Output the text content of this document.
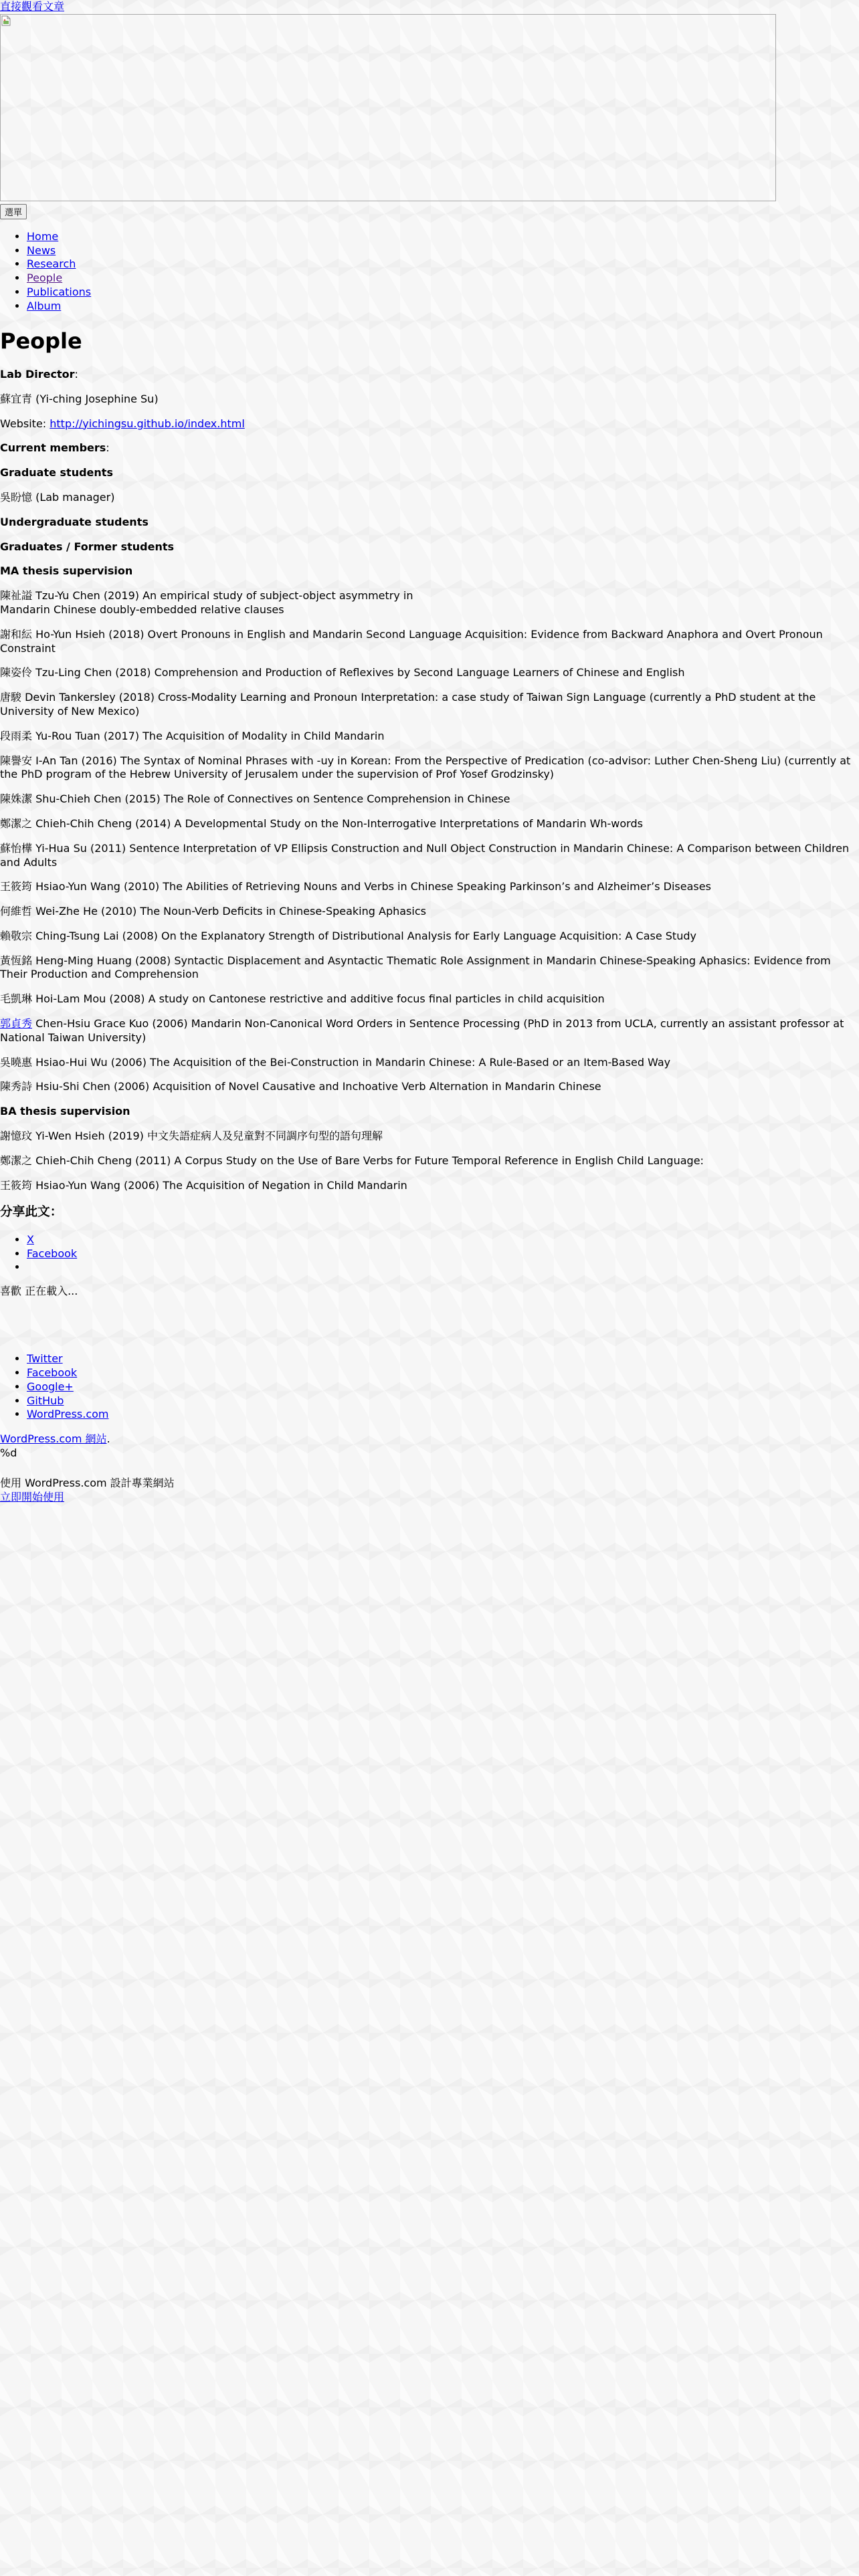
直接觀看文章
選單
• Home
• News
• Research
• People
• Publications
• Album
People

Lab Director:

蘇宜青 (Yi-ching Josephine Su)

Website: http://yichingsu.github.io/index.html

Current members:

Graduate students

吳盼憶 (Lab manager)

Undergraduate students

Graduates / Former students

MA thesis supervision

陳祉謚 Tzu-Yu Chen (2019) An empirical study of subject-object asymmetry in
Mandarin Chinese doubly-embedded relative clauses

謝和紜 Ho-Yun Hsieh (2018) Overt Pronouns in English and Mandarin Second Language Acquisition: Evidence from Backward Anaphora and Overt Pronoun Constraint

陳姿伶 Tzu-Ling Chen (2018) Comprehension and Production of Reflexives by Second Language Learners of Chinese and English

唐駿 Devin Tankersley (2018) Cross-Modality Learning and Pronoun Interpretation: a case study of Taiwan Sign Language (currently a PhD student at the University of New Mexico)

段雨柔 Yu-Rou Tuan (2017) The Acquisition of Modality in Child Mandarin

陳譽安 I-An Tan (2016) The Syntax of Nominal Phrases with -uy in Korean: From the Perspective of Predication (co-advisor: Luther Chen-Sheng Liu) (currently at the PhD program of the Hebrew University of Jerusalem under the supervision of Prof Yosef Grodzinsky)

陳姝潔 Shu-Chieh Chen (2015) The Role of Connectives on Sentence Comprehension in Chinese

鄭潔之 Chieh-Chih Cheng (2014) A Developmental Study on the Non-Interrogative Interpretations of Mandarin Wh-words

蘇怡樺 Yi-Hua Su (2011) Sentence Interpretation of VP Ellipsis Construction and Null Object Construction in Mandarin Chinese: A Comparison between Children and Adults

王筱筠 Hsiao-Yun Wang (2010) The Abilities of Retrieving Nouns and Verbs in Chinese Speaking Parkinson’s and Alzheimer’s Diseases

何維哲 Wei-Zhe He (2010) The Noun-Verb Deficits in Chinese-Speaking Aphasics

賴敬宗 Ching-Tsung Lai (2008) On the Explanatory Strength of Distributional Analysis for Early Language Acquisition: A Case Study

黃恆銘 Heng-Ming Huang (2008) Syntactic Displacement and Asyntactic Thematic Role Assignment in Mandarin Chinese-Speaking Aphasics: Evidence from Their Production and Comprehension

毛凱琳 Hoi-Lam Mou (2008) A study on Cantonese restrictive and additive focus final particles in child acquisition

郭貞秀 Chen-Hsiu Grace Kuo (2006) Mandarin Non-Canonical Word Orders in Sentence Processing (PhD in 2013 from UCLA, currently an assistant professor at National Taiwan University)

吳曉惠 Hsiao-Hui Wu (2006) The Acquisition of the Bei-Construction in Mandarin Chinese: A Rule-Based or an Item-Based Way

陳秀詩 Hsiu-Shi Chen (2006) Acquisition of Novel Causative and Inchoative Verb Alternation in Mandarin Chinese

BA thesis supervision

謝憶玟 Yi-Wen Hsieh (2019) 中文失語症病人及兒童對不同調序句型的語句理解

鄭潔之 Chieh-Chih Cheng (2011) A Corpus Study on the Use of Bare Verbs for Future Temporal Reference in English Child Language:

王筱筠 Hsiao-Yun Wang (2006) The Acquisition of Negation in Child Mandarin

分享此文：
• X
• Facebook
•
喜歡 正在載入...
• Twitter
• Facebook
• Google+
• GitHub
• WordPress.com
WordPress.com 網站.
%d
使用 WordPress.com 設計專業網站
立即開始使用
